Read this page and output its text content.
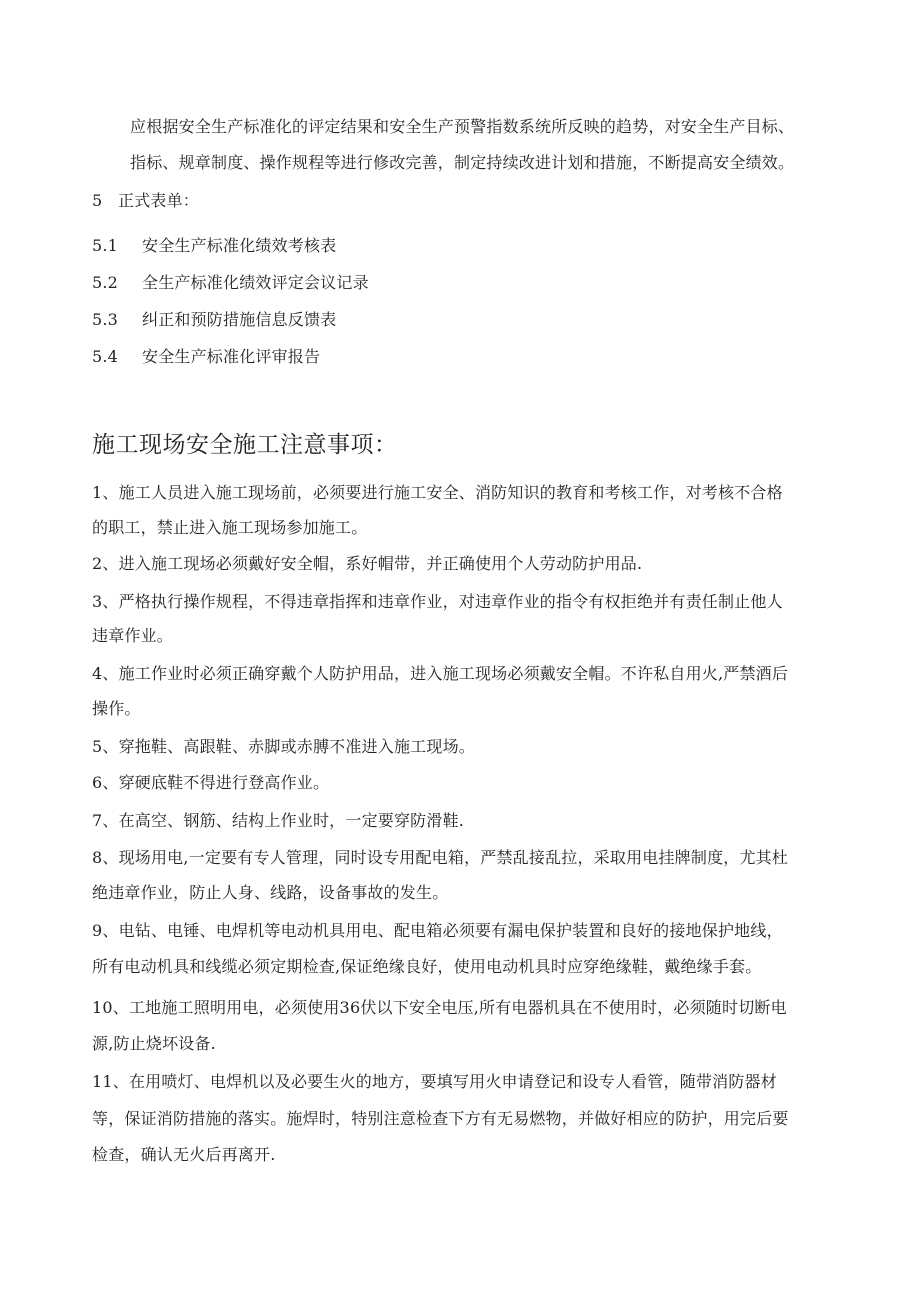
应根据安全生产标准化的评定结果和安全生产预警指数系统所反映的趋势，对安全生产目标、
指标、规章制度、操作规程等进行修改完善，制定持续改进计划和措施，不断提高安全绩效。
5 正式表单：
5.1 安全生产标准化绩效考核表
5.2 全生产标准化绩效评定会议记录
5.3 纠正和预防措施信息反馈表
5.4 安全生产标准化评审报告
施工现场安全施工注意事项：
1、施工人员进入施工现场前，必须要进行施工安全、消防知识的教育和考核工作，对考核不合格
的职工，禁止进入施工现场参加施工。
2、进入施工现场必须戴好安全帽，系好帽带，并正确使用个人劳动防护用品.
3、严格执行操作规程，不得违章指挥和违章作业，对违章作业的指令有权拒绝并有责任制止他人
违章作业。
4、施工作业时必须正确穿戴个人防护用品，进入施工现场必须戴安全帽。不许私自用火,严禁酒后
操作。
5、穿拖鞋、高跟鞋、赤脚或赤膊不准进入施工现场。
6、穿硬底鞋不得进行登高作业。
7、在高空、钢筋、结构上作业时，一定要穿防滑鞋.
8、现场用电,一定要有专人管理，同时设专用配电箱，严禁乱接乱拉，采取用电挂牌制度，尤其杜
绝违章作业，防止人身、线路，设备事故的发生。
9、电钻、电锤、电焊机等电动机具用电、配电箱必须要有漏电保护装置和良好的接地保护地线，
所有电动机具和线缆必须定期检查,保证绝缘良好，使用电动机具时应穿绝缘鞋，戴绝缘手套。
10、工地施工照明用电，必须使用36伏以下安全电压,所有电器机具在不使用时，必须随时切断电
源,防止烧坏设备.
11、在用喷灯、电焊机以及必要生火的地方，要填写用火申请登记和设专人看管，随带消防器材
等，保证消防措施的落实。施焊时，特别注意检查下方有无易燃物，并做好相应的防护，用完后要
检查，确认无火后再离开.
